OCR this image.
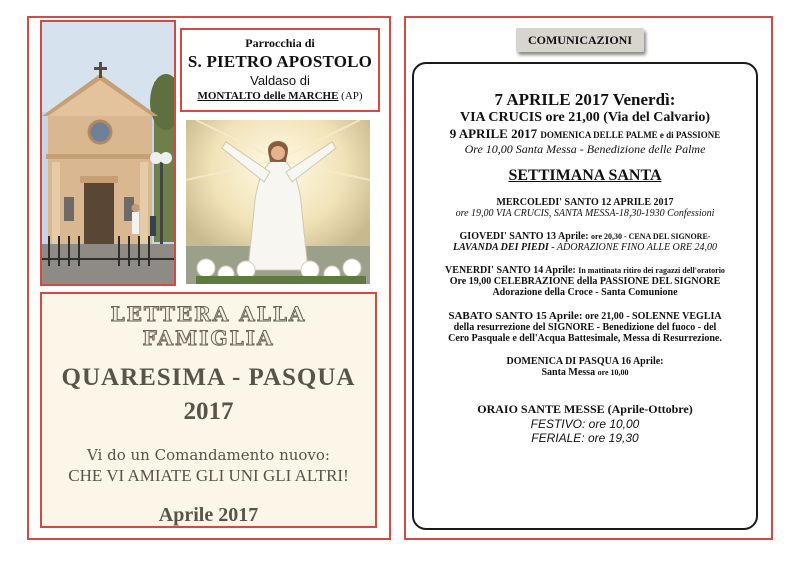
Parrocchia di
S. PIETRO APOSTOLO
Valdaso di
MONTALTO delle MARCHE (AP)
LETTERA ALLA FAMIGLIA
QUARESIMA - PASQUA
2017
Vi do un Comandamento nuovo:
CHE VI AMIATE GLI UNI GLI ALTRI!
Aprile 2017
COMUNICAZIONI
7 APRILE 2017 Venerdì:
VIA CRUCIS ore 21,00 (Via del Calvario)
9 APRILE 2017 DOMENICA DELLE PALME e di PASSIONE
Ore 10,00 Santa Messa - Benedizione delle Palme
SETTIMANA SANTA
MERCOLEDI' SANTO 12 APRILE 2017
ore 19,00 VIA CRUCIS, SANTA MESSA-18,30-1930 Confessioni
GIOVEDI' SANTO 13 Aprile: ore 20,30 - CENA DEL SIGNORE-
LAVANDA DEI PIEDI - ADORAZIONE FINO ALLE ORE 24,00
VENERDI' SANTO 14 Aprile: In mattinata ritiro dei ragazzi dell'oratorio
Ore 19,00 CELEBRAZIONE della PASSIONE DEL SIGNORE
Adorazione della Croce - Santa Comunione
SABATO SANTO 15 Aprile: ore 21,00 - SOLENNE VEGLIA
della resurrezione del SIGNORE - Benedizione del fuoco - del
Cero Pasquale e dell'Acqua Battesimale, Messa di Resurrezione.
DOMENICA DI PASQUA 16 Aprile:
Santa Messa ore 10,00
ORAIO SANTE MESSE (Aprile-Ottobre)
FESTIVO: ore 10,00
FERIALE: ore 19,30
